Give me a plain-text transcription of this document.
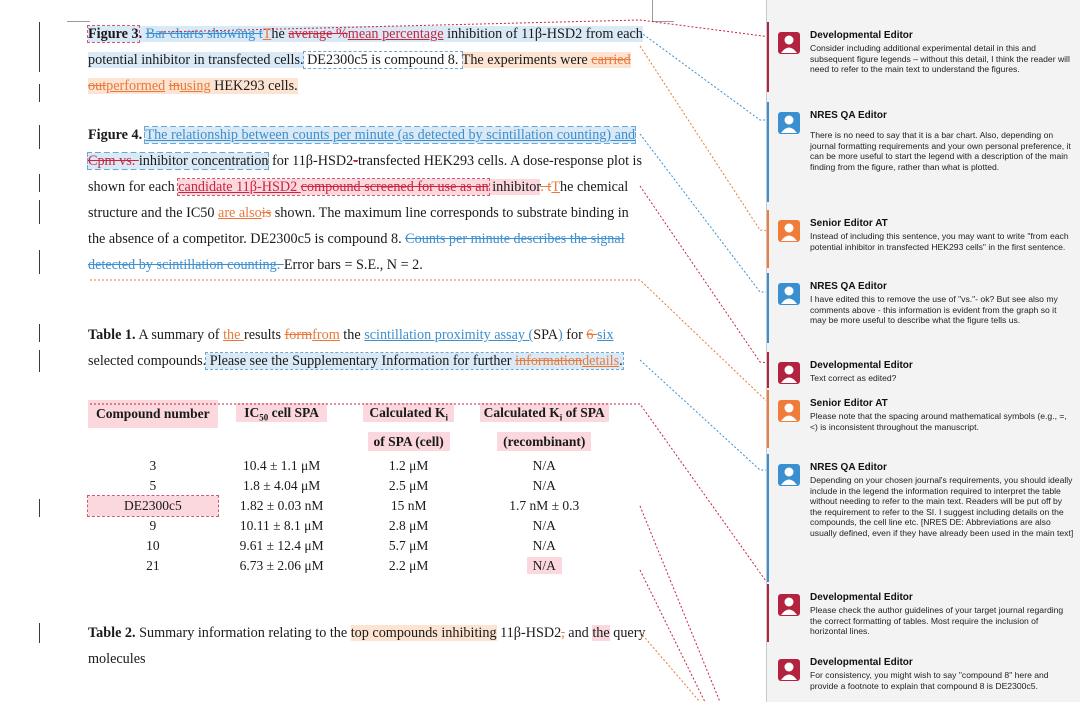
Figure 3. Bar charts showing tThe average %mean percentage inhibition of 11β-HSD2 from each potential inhibitor in transfected cells. DE2300c5 is compound 8. The experiments were carried outperformed inusing HEK293 cells.
Figure 4. The relationship between counts per minute (as detected by scintillation counting) and Cpm vs. inhibitor concentration for 11β-HSD2-transfected HEK293 cells. A dose-response plot is shown for each candidate 11β-HSD2 compound screened for use as an inhibitor. tThe chemical structure and the IC50 are alsois shown. The maximum line corresponds to substrate binding in the absence of a competitor. DE2300c5 is compound 8. Counts per minute describes the signal detected by scintillation counting. Error bars = S.E., N = 2.
Table 1. A summary of the results formfrom the scintillation proximity assay (SPA) for 6 six selected compounds. Please see the Supplementary Information for further informationdetails.
Compound number	$IC_{50}$ cell SPA	Calculated $K_i$	Calculated $K_i$ of SPA
		of SPA (cell)	(recombinant)
3	10.4 ± 1.1 μM	1.2 μM	N/A
5	1.8 ± 4.04 μM	2.5 μM	N/A
DE2300c5	1.82 ± 0.03 nM	15 nM	1.7 nM ± 0.3
9	10.11 ± 8.1 μM	2.8 μM	N/A
10	9.61 ± 12.4 μM	5.7 μM	N/A
21	6.73 ± 2.06 μM	2.2 μM	N/A
Table 2. Summary information relating to the top compounds inhibiting 11β-HSD2, and the query molecules
Developmental Editor
Consider including additional experimental detail in this and subsequent figure legends – without this detail, I think the reader will need to refer to the main text to understand the figures.
NRES QA Editor
There is no need to say that it is a bar chart. Also, depending on journal formatting requirements and your own personal preference, it can be more useful to start the legend with a description of the main finding from the figure, rather than what is plotted.
Senior Editor AT
Instead of including this sentence, you may want to write "from each potential inhibitor in transfected HEK293 cells" in the first sentence.
NRES QA Editor
I have edited this to remove the use of "vs."- ok? But see also my comments above - this information is evident from the graph so it may be more useful to describe what the figure tells us.
Developmental Editor
Text correct as edited?
Senior Editor AT
Please note that the spacing around mathematical symbols (e.g., =, <) is inconsistent throughout the manuscript.
NRES QA Editor
Depending on your chosen journal's requirements, you should ideally include in the legend the information required to interpret the table without needing to refer to the main text. Readers will be put off by the requirement to refer to the SI. I suggest including details on the compounds, the cell line etc. [NRES DE: Abbreviations are also usually defined, even if they have already been used in the main text]
Developmental Editor
Please check the author guidelines of your target journal regarding the correct formatting of tables. Most require the inclusion of horizontal lines.
Developmental Editor
For consistency, you might wish to say "compound 8" here and provide a footnote to explain that compound 8 is DE2300c5.
